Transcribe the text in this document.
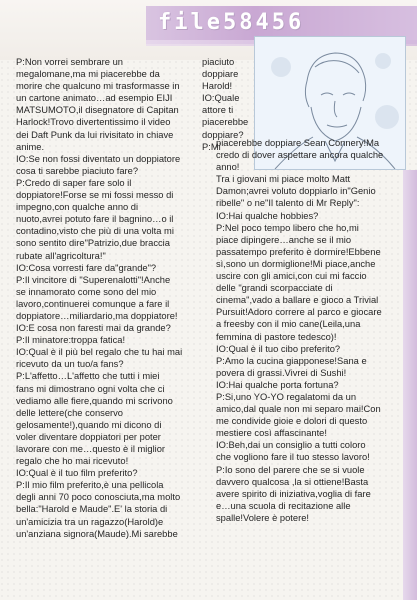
file58456

P:Non vorrei sembrare un
megalomane,ma mi piacerebbe da
morire che qualcuno mi trasformasse in
un cartone animato…ad esempio EIJI
MATSUMOTO,il disegnatore di Capitan
Harlock!Trovo divertentissimo il video
dei Daft Punk da lui rivisitato in chiave
anime.
IO:Se non fossi diventato un doppiatore
cosa ti sarebbe piaciuto fare?
P:Credo di saper fare solo il
doppiatore!Forse se mi fossi messo di
impegno,con qualche anno di
nuoto,avrei potuto fare il bagnino…o il
contadino,visto che più di una volta mi
sono sentito dire"Patrizio,due braccia
rubate all'agricoltura!"
IO:Cosa vorresti fare da"grande"?
P:Il vincitore di "Superenalotti"!Anche
se innamorato come sono del mio
lavoro,continuerei comunque a fare il
doppiatore…miliardario,ma doppiatore!
IO:E cosa non faresti mai da grande?
P:Il minatore:troppa fatica!
IO:Qual è il più bel regalo che tu hai mai
ricevuto da un tuo/a fans?
P:L'affetto…L'affetto che tutti i miei
fans mi dimostrano ogni volta che ci
vediamo alle fiere,quando mi scrivono
delle lettere(che conservo
gelosamente!),quando mi dicono di
voler diventare doppiatori per poter
lavorare con me…questo è il miglior
regalo che ho mai ricevuto!
IO:Qual è il tuo film preferito?
P:Il mio film preferito,è una pellicola
degli anni 70 poco conosciuta,ma molto
bella:"Harold e Maude".E' la storia di
un'amicizia tra un ragazzo(Harold)e
un'anziana signora(Maude).Mi sarebbe

piaciuto
doppiare
Harold!
IO:Quale
attore ti
piacerebbe
doppiare?
P:Mi

piacerebbe doppiare Sean Connery!Ma
credo di dover aspettare ancora qualche
anno!
Tra i giovani mi piace molto Matt
Damon;avrei voluto doppiarlo in"Genio
ribelle" o ne"Il talento di Mr Reply":
IO:Hai qualche hobbies?
P:Nel poco tempo libero che ho,mi
piace dipingere…anche se il mio
passatempo preferito è dormire!Ebbene
sì,sono un dormiglione!Mi piace,anche
uscire con gli amici,con cui mi faccio
delle "grandi scorpacciate di
cinema",vado a ballare e gioco a Trivial
Pursuit!Adoro correre al parco e giocare
a freesby con il mio cane(Leila,una
femmina di pastore tedesco)!
IO:Qual è il tuo cibo preferito?
P:Amo la cucina giapponese!Sana e
povera di grassi.Vivrei di Sushi!
IO:Hai qualche porta fortuna?
P:Si,uno YO-YO regalatomi da un
amico,dal quale non mi separo mai!Con
me condivide gioie e dolori di questo
mestiere così affascinante!
IO:Beh,dai un consiglio a tutti coloro
che vogliono fare il tuo stesso lavoro!
P:Io sono del parere che se si vuole
davvero qualcosa ,la si ottiene!Basta
avere spirito di iniziativa,voglia di fare
e…una scuola di recitazione alle
spalle!Volere è potere!
